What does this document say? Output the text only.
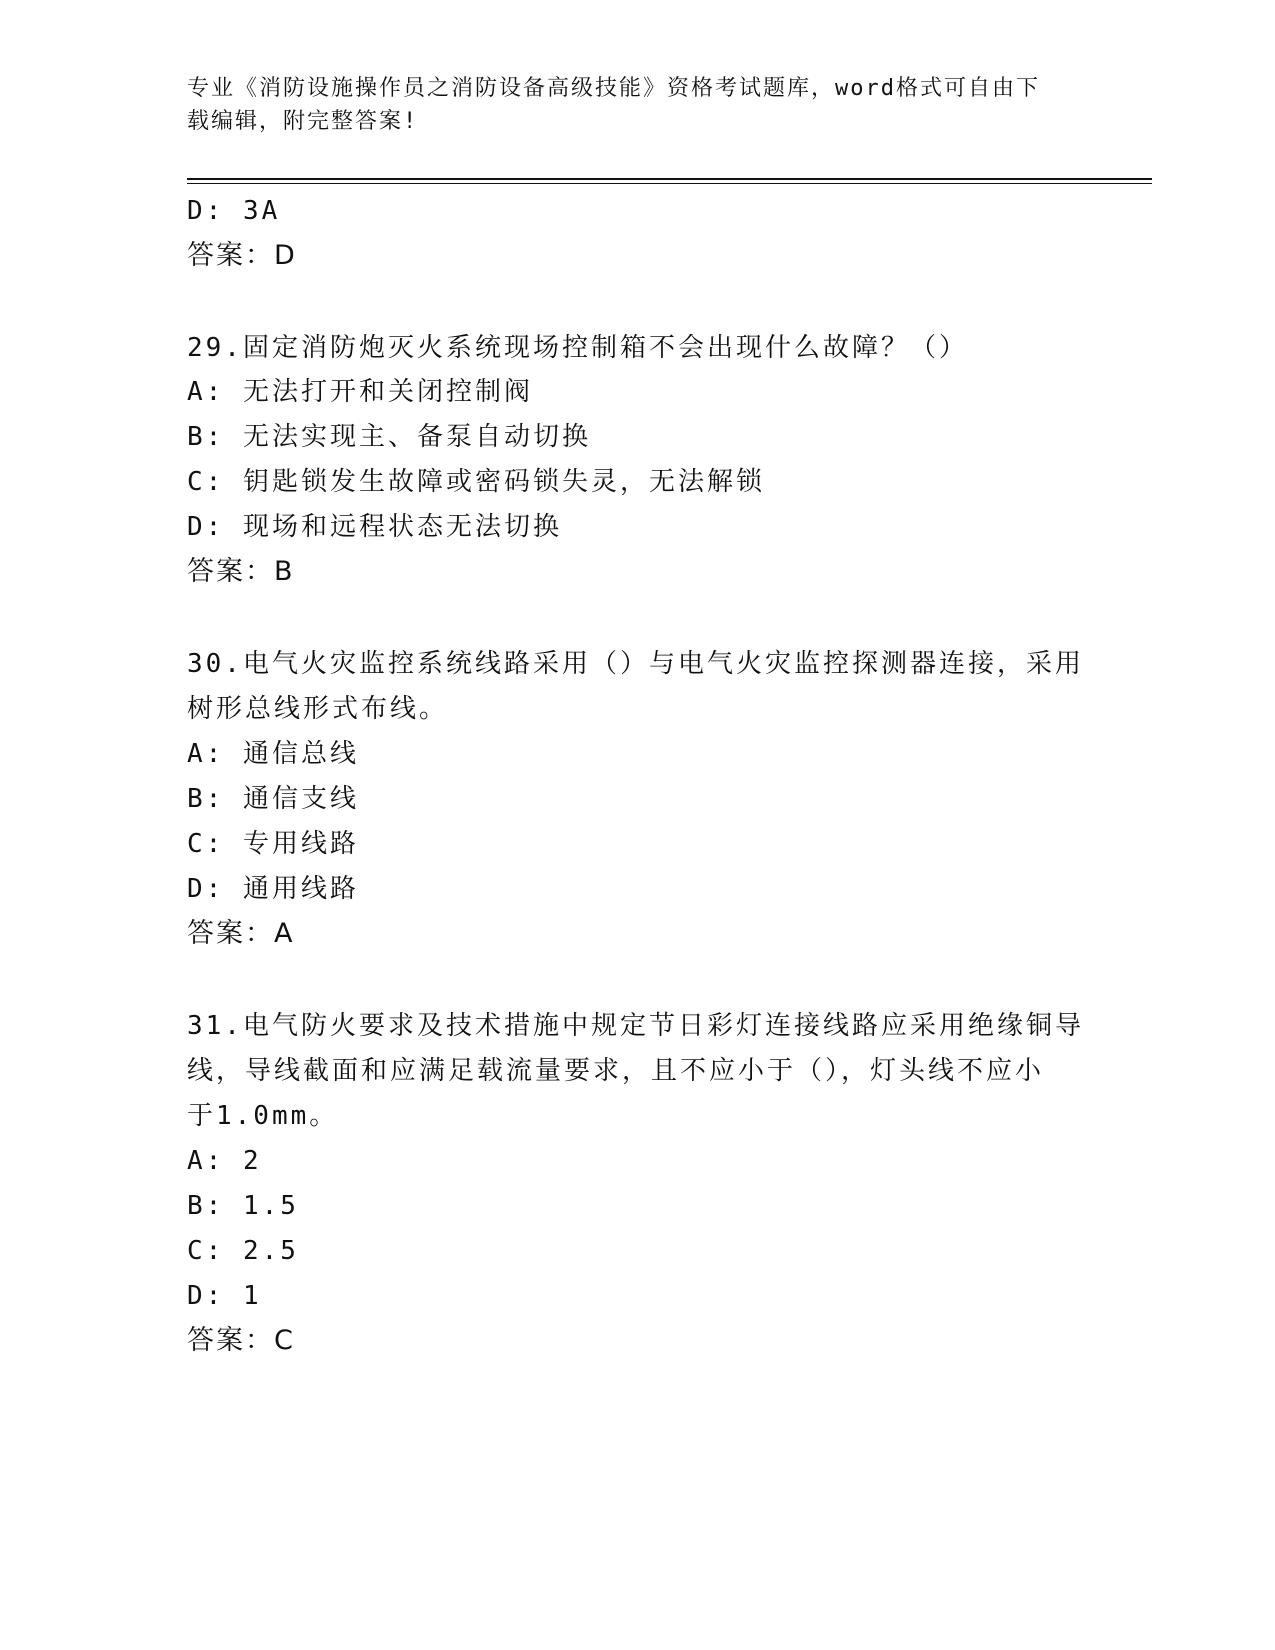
专业《消防设施操作员之消防设备高级技能》资格考试题库，word格式可自由下
载编辑，附完整答案!
D: 3A
答案：D
29.固定消防炮灭火系统现场控制箱不会出现什么故障？（）
A: 无法打开和关闭控制阀
B: 无法实现主、备泵自动切换
C: 钥匙锁发生故障或密码锁失灵，无法解锁
D: 现场和远程状态无法切换
答案：B
30.电气火灾监控系统线路采用（）与电气火灾监控探测器连接，采用
树形总线形式布线。
A: 通信总线
B: 通信支线
C: 专用线路
D: 通用线路
答案：A
31.电气防火要求及技术措施中规定节日彩灯连接线路应采用绝缘铜导
线，导线截面和应满足载流量要求，且不应小于（），灯头线不应小
于1.0mm。
A: 2
B: 1.5
C: 2.5
D: 1
答案：C
